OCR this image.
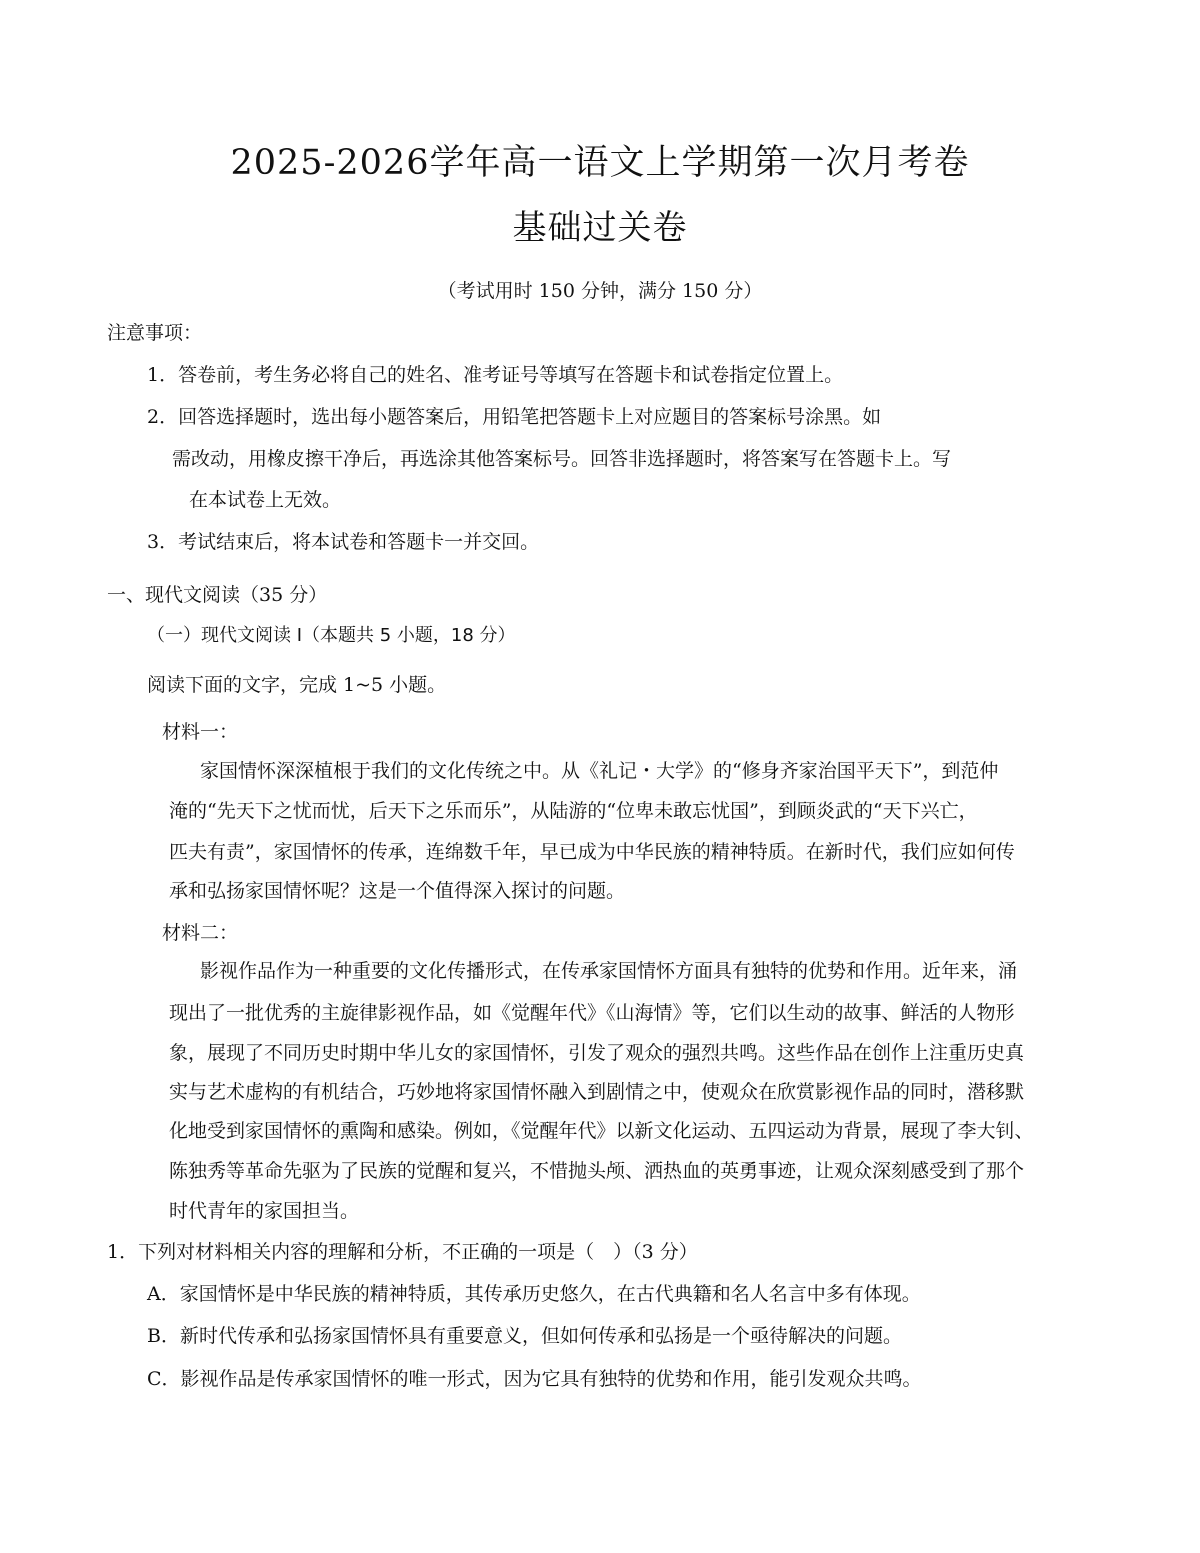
2025-2026学年高一语文上学期第一次月考卷
基础过关卷
（考试用时 150 分钟，满分 150 分）
注意事项：
1．答卷前，考生务必将自己的姓名、准考证号等填写在答题卡和试卷指定位置上。
2．回答选择题时，选出每小题答案后，用铅笔把答题卡上对应题目的答案标号涂黑。如
需改动，用橡皮擦干净后，再选涂其他答案标号。回答非选择题时，将答案写在答题卡上。写
在本试卷上无效。
3．考试结束后，将本试卷和答题卡一并交回。
一、现代文阅读（35 分）
（一）现代文阅读 I（本题共 5 小题，18 分）
阅读下面的文字，完成 1~5 小题。
材料一：
家国情怀深深植根于我们的文化传统之中。从《礼记・大学》的“修身齐家治国平天下”，到范仲
淹的“先天下之忧而忧，后天下之乐而乐”，从陆游的“位卑未敢忘忧国”，到顾炎武的“天下兴亡，
匹夫有责”，家国情怀的传承，连绵数千年，早已成为中华民族的精神特质。在新时代，我们应如何传
承和弘扬家国情怀呢？这是一个值得深入探讨的问题。
材料二：
影视作品作为一种重要的文化传播形式，在传承家国情怀方面具有独特的优势和作用。近年来，涌
现出了一批优秀的主旋律影视作品，如《觉醒年代》《山海情》等，它们以生动的故事、鲜活的人物形
象，展现了不同历史时期中华儿女的家国情怀，引发了观众的强烈共鸣。这些作品在创作上注重历史真
实与艺术虚构的有机结合，巧妙地将家国情怀融入到剧情之中，使观众在欣赏影视作品的同时，潜移默
化地受到家国情怀的熏陶和感染。例如，《觉醒年代》以新文化运动、五四运动为背景，展现了李大钊、
陈独秀等革命先驱为了民族的觉醒和复兴，不惜抛头颅、洒热血的英勇事迹，让观众深刻感受到了那个
时代青年的家国担当。
1．下列对材料相关内容的理解和分析，不正确的一项是（　）（3 分）
A．家国情怀是中华民族的精神特质，其传承历史悠久，在古代典籍和名人名言中多有体现。
B．新时代传承和弘扬家国情怀具有重要意义，但如何传承和弘扬是一个亟待解决的问题。
C．影视作品是传承家国情怀的唯一形式，因为它具有独特的优势和作用，能引发观众共鸣。
